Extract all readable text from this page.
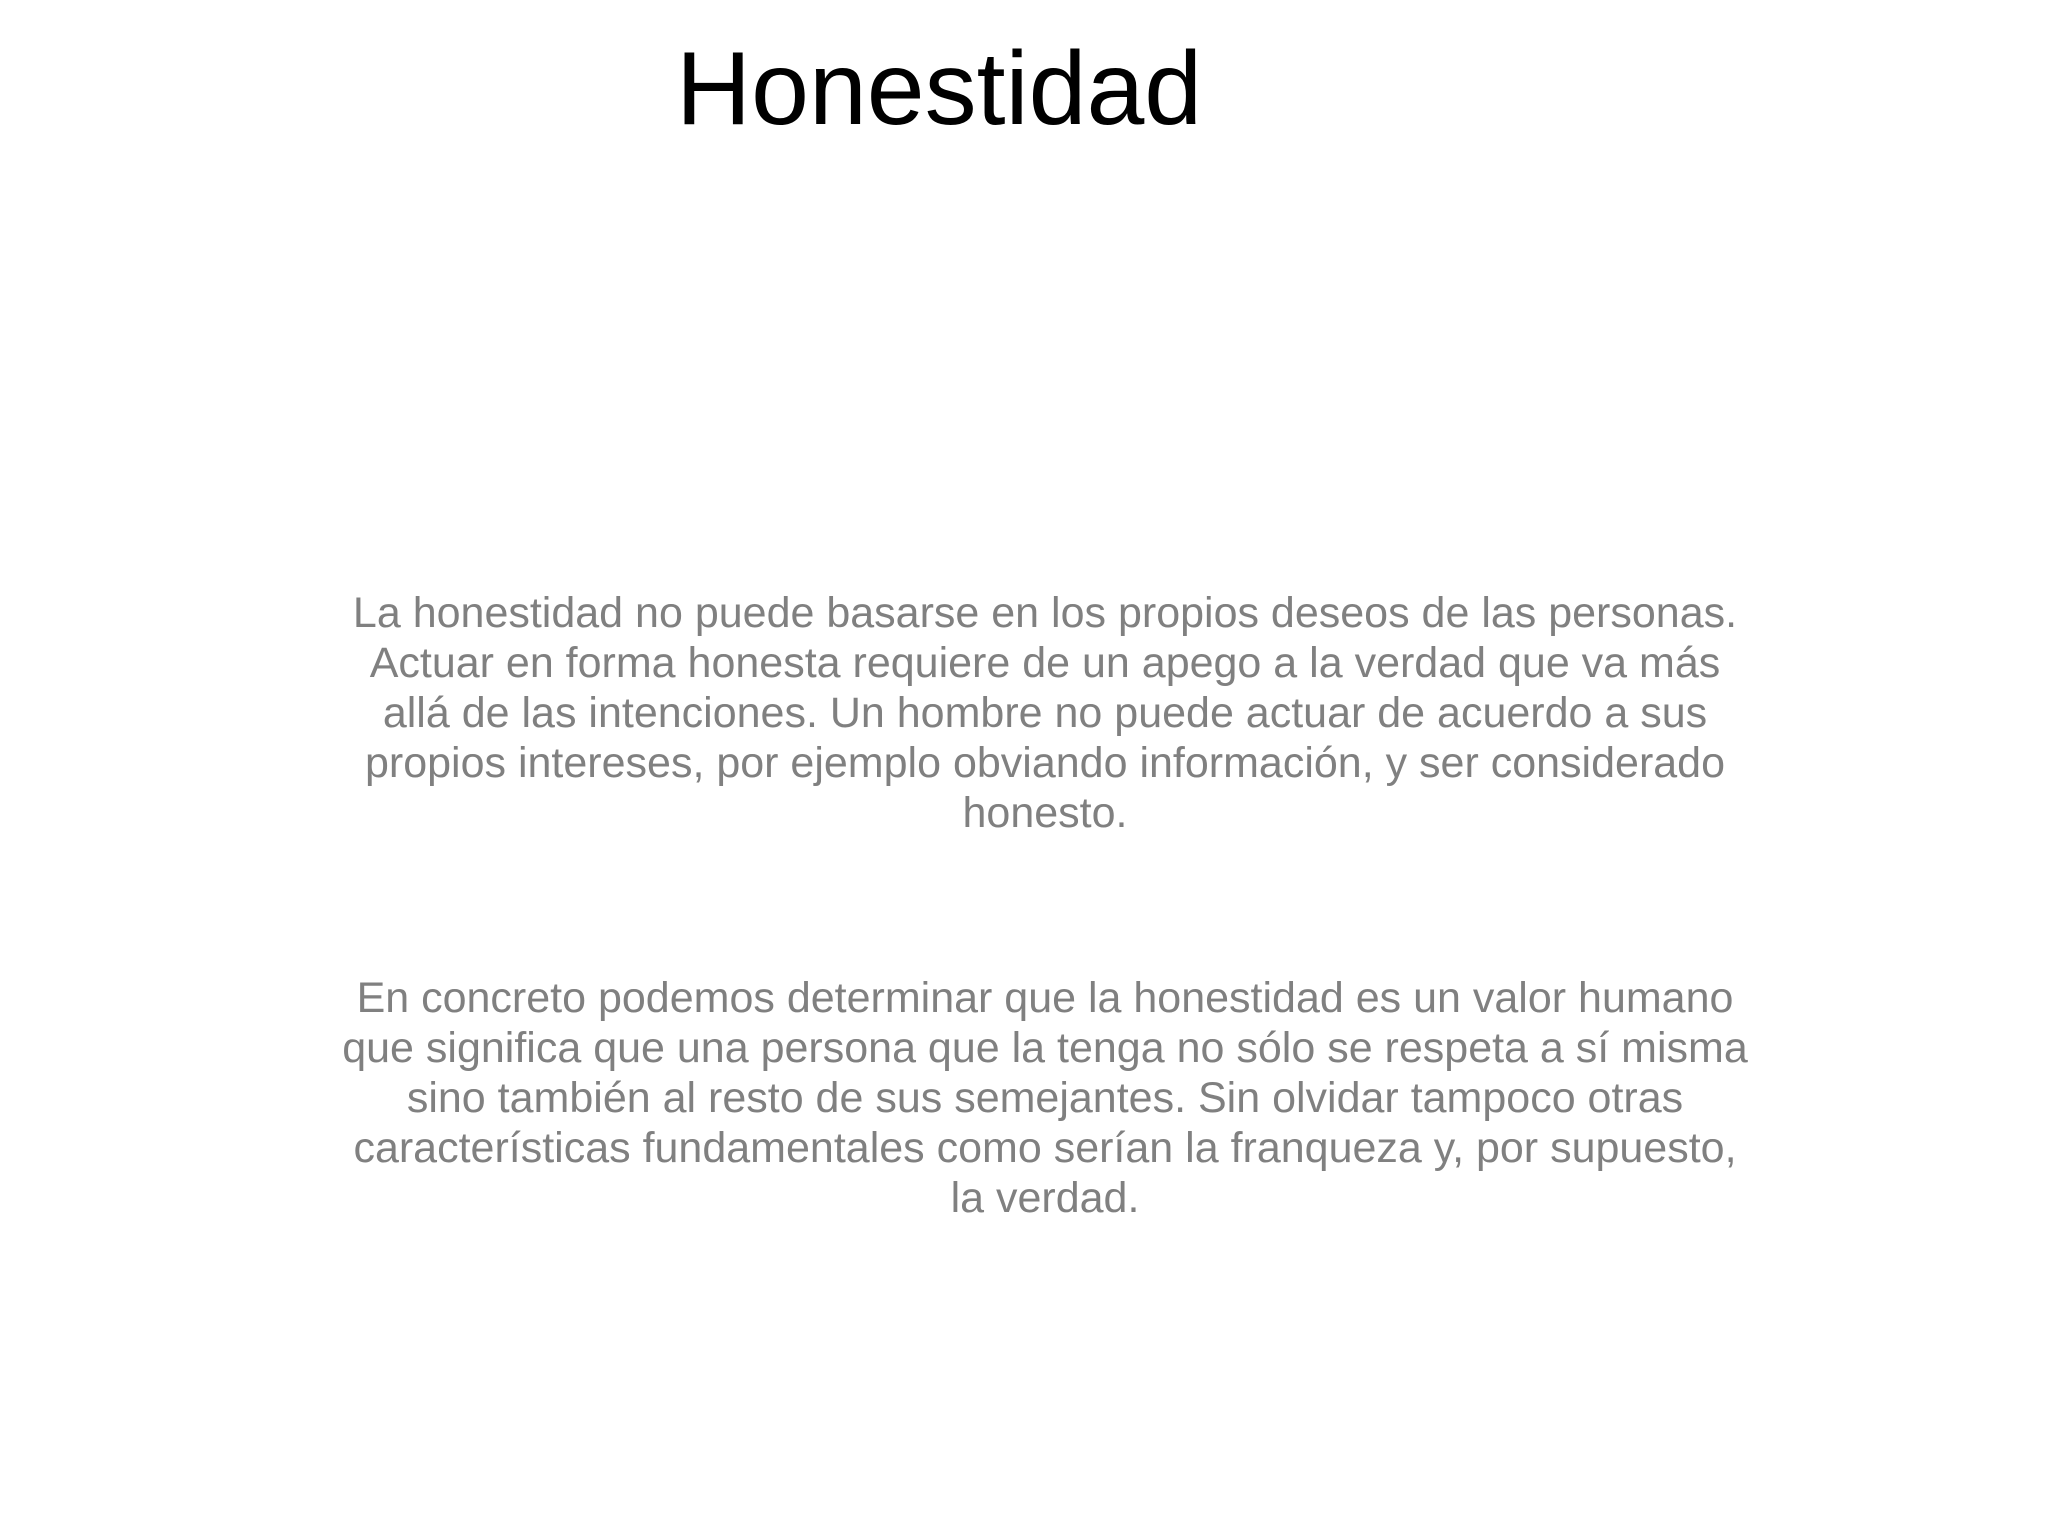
Honestidad

La honestidad no puede basarse en los propios deseos de las personas. Actuar en forma honesta requiere de un apego a la verdad que va más allá de las intenciones. Un hombre no puede actuar de acuerdo a sus propios intereses, por ejemplo obviando información, y ser considerado honesto.

En concreto podemos determinar que la honestidad es un valor humano que significa que una persona que la tenga no sólo se respeta a sí misma sino también al resto de sus semejantes. Sin olvidar tampoco otras características fundamentales como serían la franqueza y, por supuesto, la verdad.
